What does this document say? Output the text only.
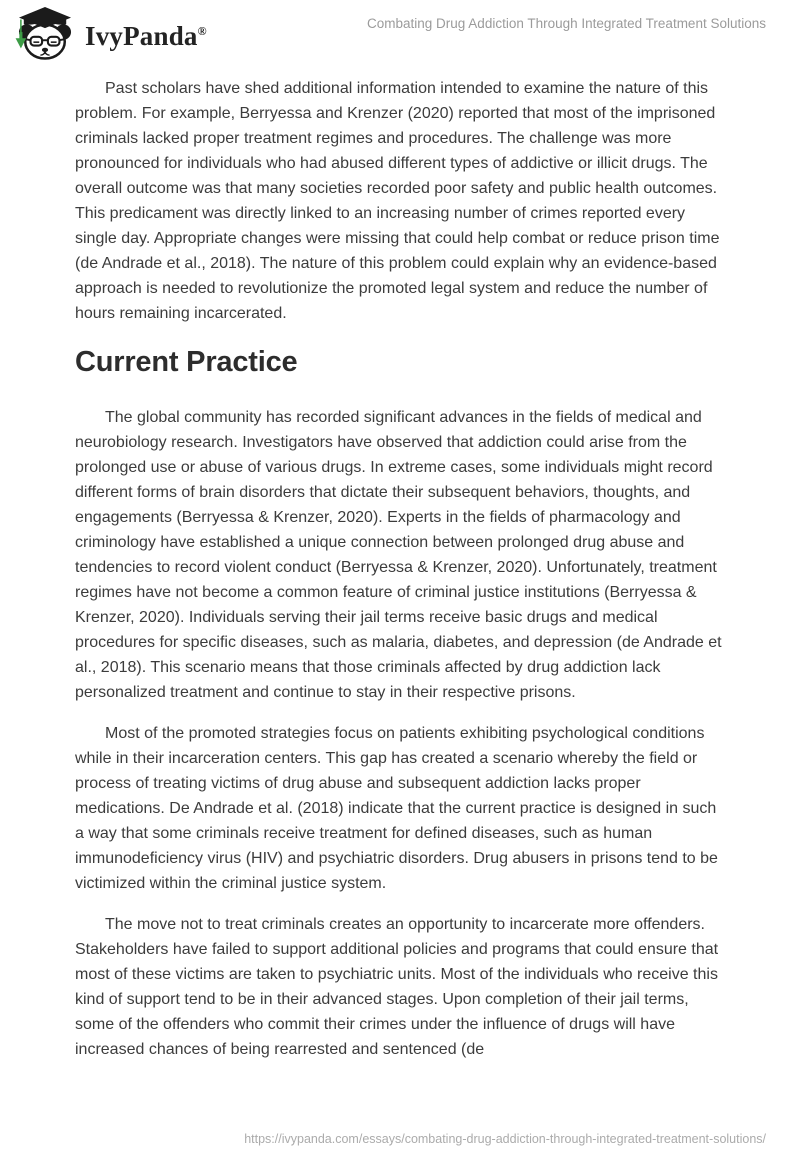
IvyPanda®	Combating Drug Addiction Through Integrated Treatment Solutions

Past scholars have shed additional information intended to examine the nature of this problem. For example, Berryessa and Krenzer (2020) reported that most of the imprisoned criminals lacked proper treatment regimes and procedures. The challenge was more pronounced for individuals who had abused different types of addictive or illicit drugs. The overall outcome was that many societies recorded poor safety and public health outcomes. This predicament was directly linked to an increasing number of crimes reported every single day. Appropriate changes were missing that could help combat or reduce prison time (de Andrade et al., 2018). The nature of this problem could explain why an evidence-based approach is needed to revolutionize the promoted legal system and reduce the number of hours remaining incarcerated.

Current Practice

The global community has recorded significant advances in the fields of medical and neurobiology research. Investigators have observed that addiction could arise from the prolonged use or abuse of various drugs. In extreme cases, some individuals might record different forms of brain disorders that dictate their subsequent behaviors, thoughts, and engagements (Berryessa & Krenzer, 2020). Experts in the fields of pharmacology and criminology have established a unique connection between prolonged drug abuse and tendencies to record violent conduct (Berryessa & Krenzer, 2020). Unfortunately, treatment regimes have not become a common feature of criminal justice institutions (Berryessa & Krenzer, 2020). Individuals serving their jail terms receive basic drugs and medical procedures for specific diseases, such as malaria, diabetes, and depression (de Andrade et al., 2018). This scenario means that those criminals affected by drug addiction lack personalized treatment and continue to stay in their respective prisons.

Most of the promoted strategies focus on patients exhibiting psychological conditions while in their incarceration centers. This gap has created a scenario whereby the field or process of treating victims of drug abuse and subsequent addiction lacks proper medications. De Andrade et al. (2018) indicate that the current practice is designed in such a way that some criminals receive treatment for defined diseases, such as human immunodeficiency virus (HIV) and psychiatric disorders. Drug abusers in prisons tend to be victimized within the criminal justice system.

The move not to treat criminals creates an opportunity to incarcerate more offenders. Stakeholders have failed to support additional policies and programs that could ensure that most of these victims are taken to psychiatric units. Most of the individuals who receive this kind of support tend to be in their advanced stages. Upon completion of their jail terms, some of the offenders who commit their crimes under the influence of drugs will have increased chances of being rearrested and sentenced (de

https://ivypanda.com/essays/combating-drug-addiction-through-integrated-treatment-solutions/
